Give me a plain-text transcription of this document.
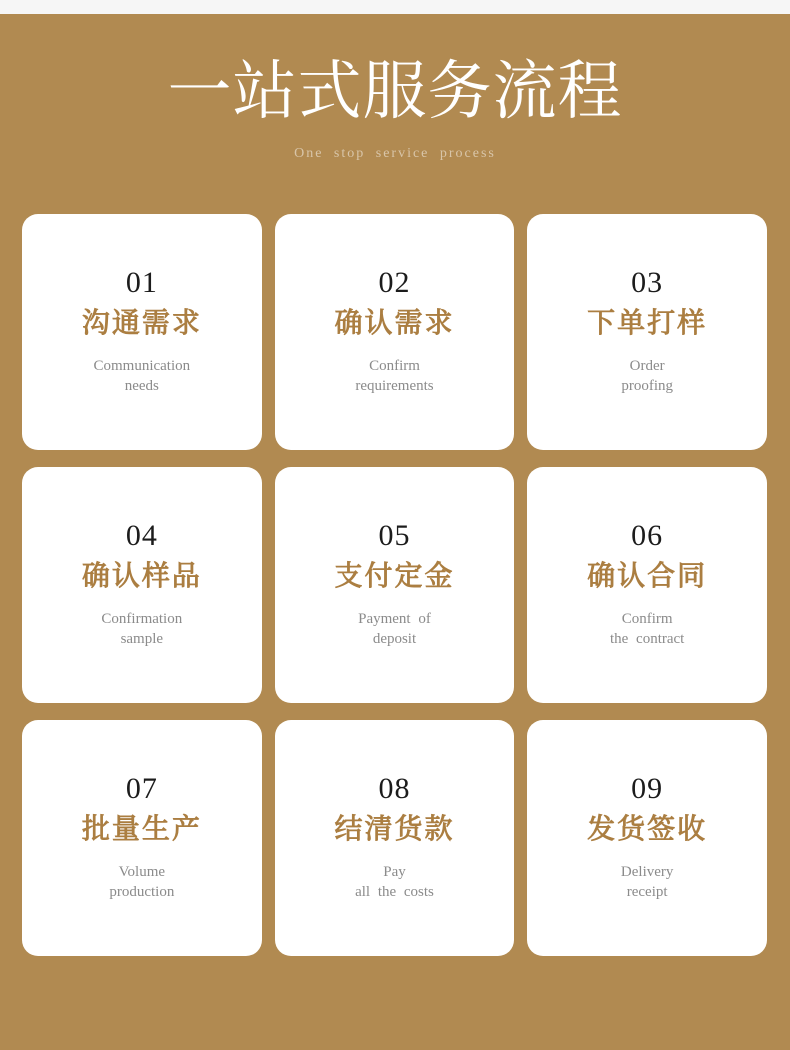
一站式服务流程
One stop service process
01
沟通需求
Communication
needs
02
确认需求
Confirm
requirements
03
下单打样
Order
proofing
04
确认样品
Confirmation
sample
05
支付定金
Payment of
deposit
06
确认合同
Confirm
the contract
07
批量生产
Volume
production
08
结清货款
Pay
all the costs
09
发货签收
Delivery
receipt
